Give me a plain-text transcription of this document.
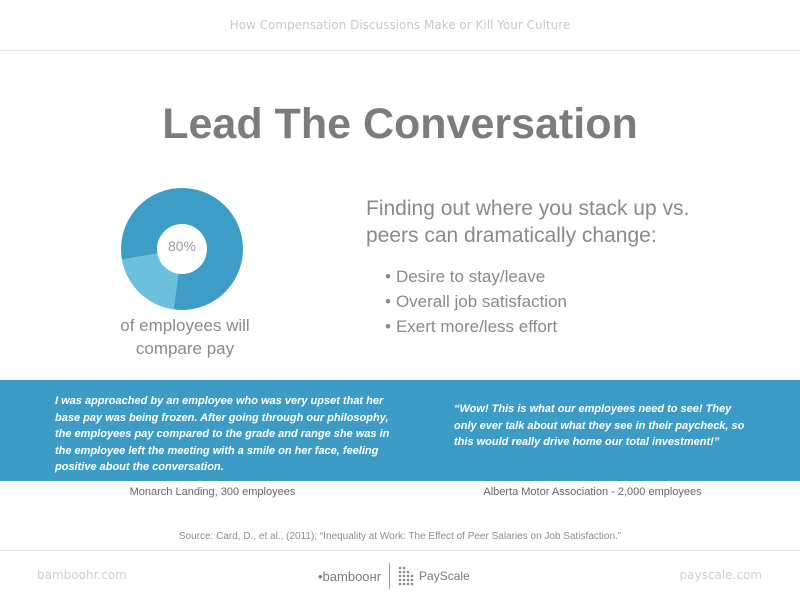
How Compensation Discussions Make or Kill Your Culture
Lead The Conversation
80%
of employees will compare pay
Finding out where you stack up vs. peers can dramatically change:
• Desire to stay/leave
• Overall job satisfaction
• Exert more/less effort
I was approached by an employee who was very upset that her base pay was being frozen. After going through our philosophy, the employees pay compared to the grade and range she was in the employee left the meeting with a smile on her face, feeling positive about the conversation.
“Wow! This is what our employees need to see! They only ever talk about what they see in their paycheck, so this would really drive home our total investment!”
Monarch Landing, 300 employees	Alberta Motor Association - 2,000 employees
Source: Card, D., et al., (2011); “Inequality at Work: The Effect of Peer Salaries on Job Satisfaction.”
bamboohr.com	•bambooнr	PayScale	payscale.com
